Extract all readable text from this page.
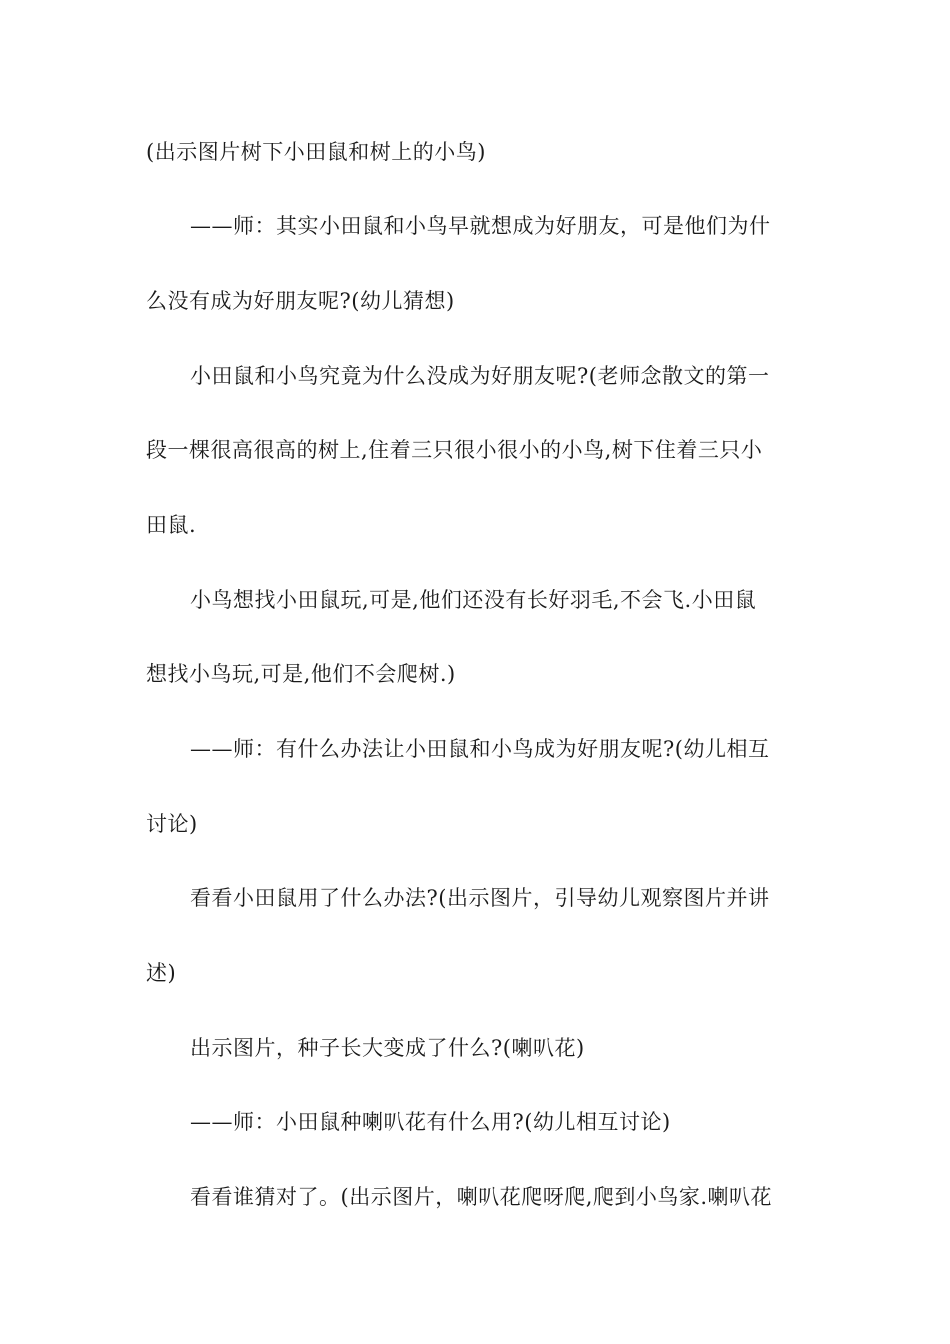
(出示图片树下小田鼠和树上的小鸟)
——师：其实小田鼠和小鸟早就想成为好朋友，可是他们为什
么没有成为好朋友呢?(幼儿猜想)
小田鼠和小鸟究竟为什么没成为好朋友呢?(老师念散文的第一
段一棵很高很高的树上,住着三只很小很小的小鸟,树下住着三只小
田鼠.
小鸟想找小田鼠玩,可是,他们还没有长好羽毛,不会飞.小田鼠
想找小鸟玩,可是,他们不会爬树.)
——师：有什么办法让小田鼠和小鸟成为好朋友呢?(幼儿相互
讨论)
看看小田鼠用了什么办法?(出示图片，引导幼儿观察图片并讲
述)
出示图片，种子长大变成了什么?(喇叭花)
——师：小田鼠种喇叭花有什么用?(幼儿相互讨论)
看看谁猜对了。(出示图片，喇叭花爬呀爬,爬到小鸟家.喇叭花
